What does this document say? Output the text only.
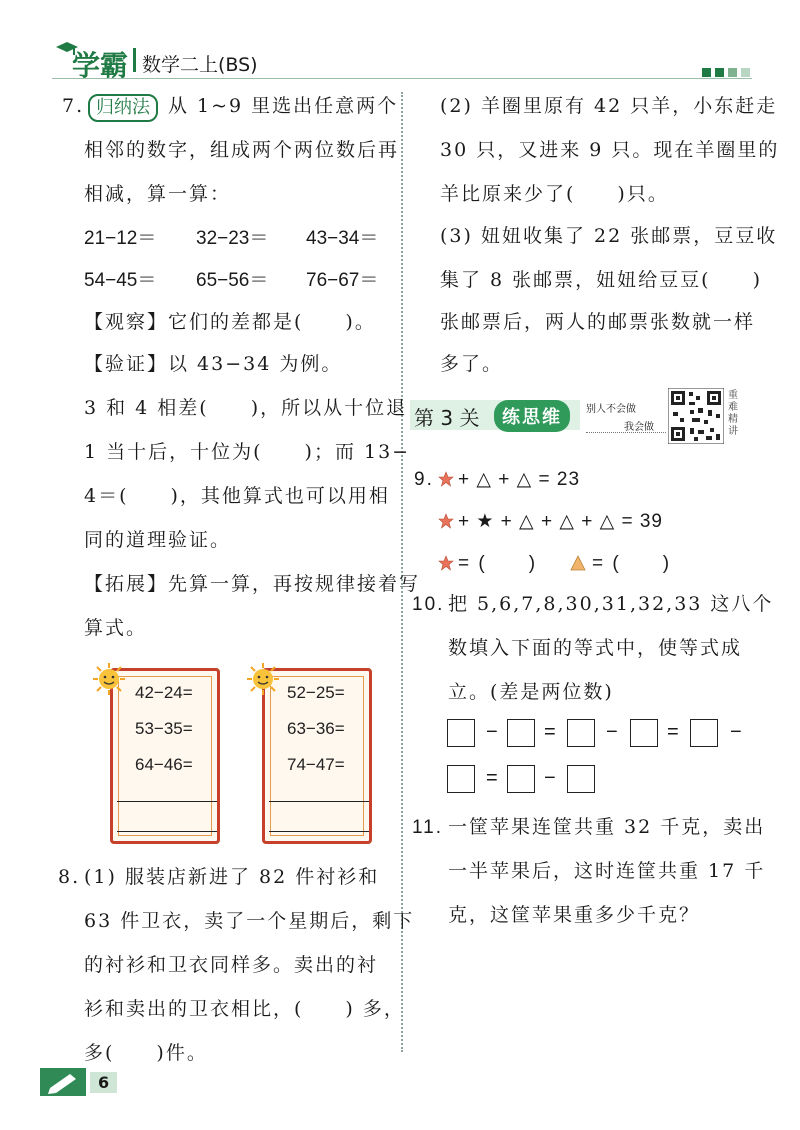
学霸 数学二上(BS)
7. 归纳法 从 1~9 里选出任意两个
相邻的数字，组成两个两位数后再
相减，算一算：
21−12＝ 32−23＝ 43−34＝
54−45＝ 65−56＝ 76−67＝
【观察】它们的差都是(　　)。
【验证】以 43−34 为例。
3 和 4 相差(　　)，所以从十位退
1 当十后，十位为(　　)；而 13−
4＝(　　)，其他算式也可以用相
同的道理验证。
【拓展】先算一算，再按规律接着写
算式。
42−24=
53−35=
64−46=
52−25=
63−36=
74−47=
8. (1) 服装店新进了 82 件衬衫和
63 件卫衣，卖了一个星期后，剩下
的衬衫和卫衣同样多。卖出的衬
衫和卖出的卫衣相比，(　　) 多，
多(　　)件。
(2) 羊圈里原有 42 只羊，小东赶走
30 只，又进来 9 只。现在羊圈里的
羊比原来少了(　　)只。
(3) 妞妞收集了 22 张邮票，豆豆收
集了 8 张邮票，妞妞给豆豆(　　)
张邮票后，两人的邮票张数就一样
多了。
第 3 关	练思维	别人不会做
我会做
重难精讲
9. + △ + △ = 23
+ ★ + △ + △ + △ = 39
= (　　)	= (　　)
10. 把 5,6,7,8,30,31,32,33 这八个
数填入下面的等式中，使等式成
立。(差是两位数)
− =	− =	−
= −
11. 一筐苹果连筐共重 32 千克，卖出
一半苹果后，这时连筐共重 17 千
克，这筐苹果重多少千克？
6
